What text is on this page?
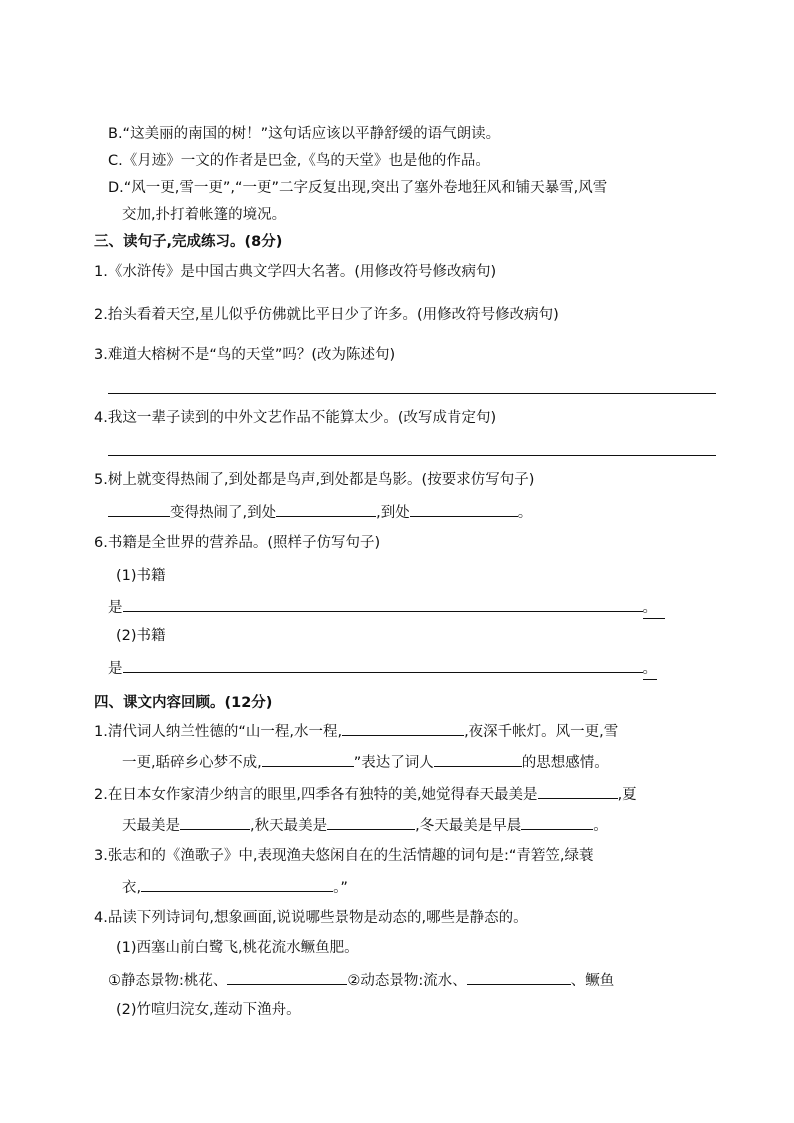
B.“这美丽的南国的树！”这句话应该以平静舒缓的语气朗读。
C.《月迹》一文的作者是巴金,《鸟的天堂》也是他的作品。
D.“风一更,雪一更”,“一更”二字反复出现,突出了塞外卷地狂风和铺天暴雪,风雪
交加,扑打着帐篷的境况。
三、读句子,完成练习。(8分)
1.《水浒传》是中国古典文学四大名著。(用修改符号修改病句)
2.抬头看着天空,星儿似乎仿佛就比平日少了许多。(用修改符号修改病句)
3.难道大榕树不是“鸟的天堂”吗？(改为陈述句)
4.我这一辈子读到的中外文艺作品不能算太少。(改写成肯定句)
5.树上就变得热闹了,到处都是鸟声,到处都是鸟影。(按要求仿写句子)
变得热闹了,到处	,到处	。
6.书籍是全世界的营养品。(照样子仿写句子)
(1)书籍
是	。
(2)书籍
是	。
四、课文内容回顾。(12分)
1.清代词人纳兰性德的“山一程,水一程,	,夜深千帐灯。风一更,雪
一更,聒碎乡心梦不成,	”表达了词人	的思想感情。
2.在日本女作家清少纳言的眼里,四季各有独特的美,她觉得春天最美是	,夏
天最美是	,秋天最美是	,冬天最美是早晨	。
3.张志和的《渔歌子》中,表现渔夫悠闲自在的生活情趣的词句是:“青箬笠,绿蓑
衣,	。”
4.品读下列诗词句,想象画面,说说哪些景物是动态的,哪些是静态的。
(1)西塞山前白鹭飞,桃花流水鳜鱼肥。
①静态景物:桃花、	②动态景物:流水、	、鳜鱼
(2)竹喧归浣女,莲动下渔舟。
